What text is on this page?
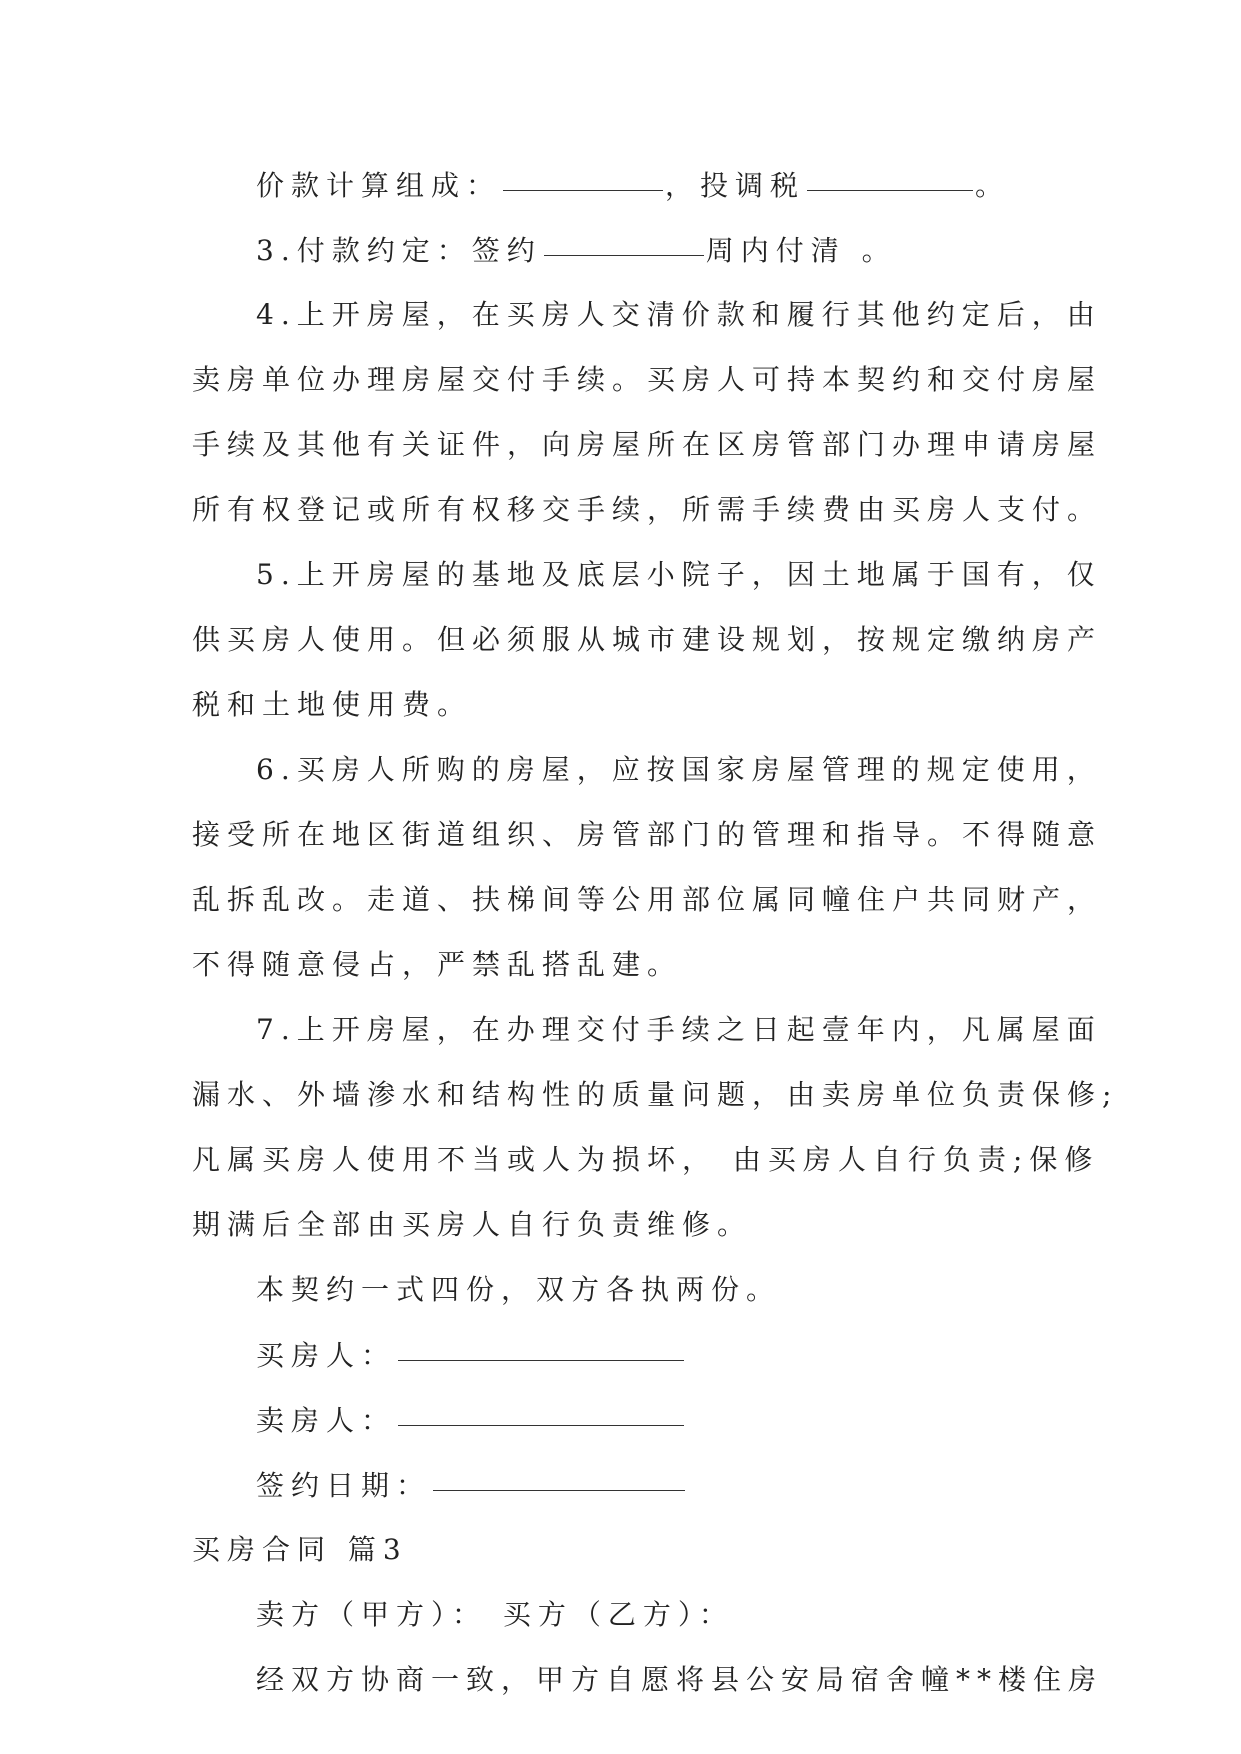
价款计算组成：	，投调税	。

3.付款约定：签约	周内付清 。

4.上开房屋，在买房人交清价款和履行其他约定后，由

卖房单位办理房屋交付手续。买房人可持本契约和交付房屋

手续及其他有关证件，向房屋所在区房管部门办理申请房屋

所有权登记或所有权移交手续，所需手续费由买房人支付。

5.上开房屋的基地及底层小院子，因土地属于国有，仅

供买房人使用。但必须服从城市建设规划，按规定缴纳房产

税和土地使用费。

6.买房人所购的房屋，应按国家房屋管理的规定使用，

接受所在地区街道组织、房管部门的管理和指导。不得随意

乱拆乱改。走道、扶梯间等公用部位属同幢住户共同财产，

不得随意侵占，严禁乱搭乱建。

7.上开房屋，在办理交付手续之日起壹年内，凡属屋面

漏水、外墙渗水和结构性的质量问题，由卖房单位负责保修;

凡属买房人使用不当或人为损坏， 由买房人自行负责;保修

期满后全部由买房人自行负责维修。

本契约一式四份，双方各执两份。

买房人：

卖房人：

签约日期：

买房合同 篇3

卖方（甲方）： 买方（乙方）：

经双方协商一致，甲方自愿将县公安局宿舍幢**楼住房
